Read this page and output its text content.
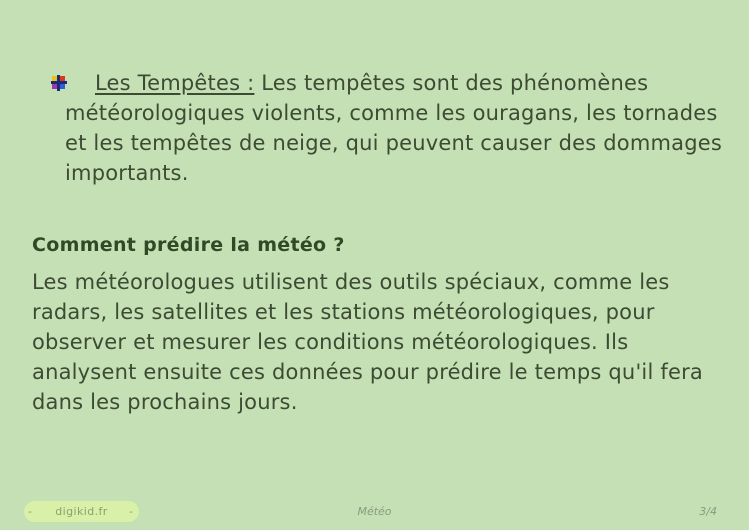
Les Tempêtes : Les tempêtes sont des phénomènes météorologiques violents, comme les ouragans, les tornades et les tempêtes de neige, qui peuvent causer des dommages importants.

Comment prédire la météo ?

Les météorologues utilisent des outils spéciaux, comme les radars, les satellites et les stations météorologiques, pour observer et mesurer les conditions météorologiques. Ils analysent ensuite ces données pour prédire le temps qu'il fera dans les prochains jours.

-	digikid.fr	-	Météo	3/4
